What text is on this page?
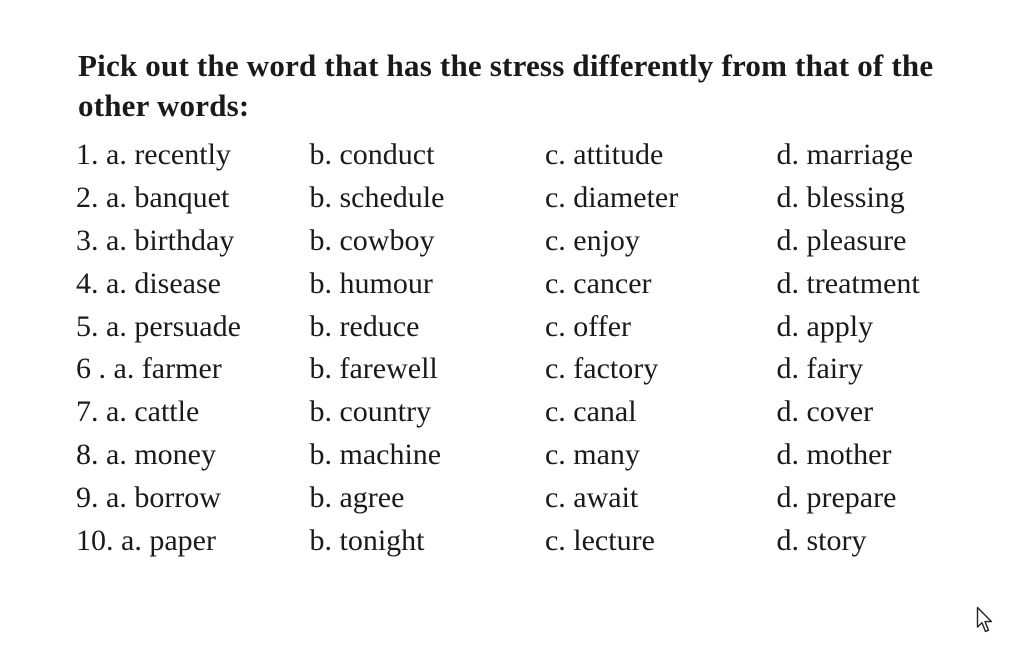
Pick out the word that has the stress differently from that of the other words:
1. a. recently	b. conduct	c. attitude	d. marriage
2. a. banquet	b. schedule	c. diameter	d. blessing
3. a. birthday	b. cowboy	c. enjoy	d. pleasure
4. a. disease	b. humour	c. cancer	d. treatment
5. a. persuade	b. reduce	c. offer	d. apply
6 . a. farmer	b. farewell	c. factory	d. fairy
7. a. cattle	b. country	c. canal	d. cover
8. a. money	b. machine	c. many	d. mother
9. a. borrow	b. agree	c. await	d. prepare
10. a. paper	b. tonight	c. lecture	d. story
